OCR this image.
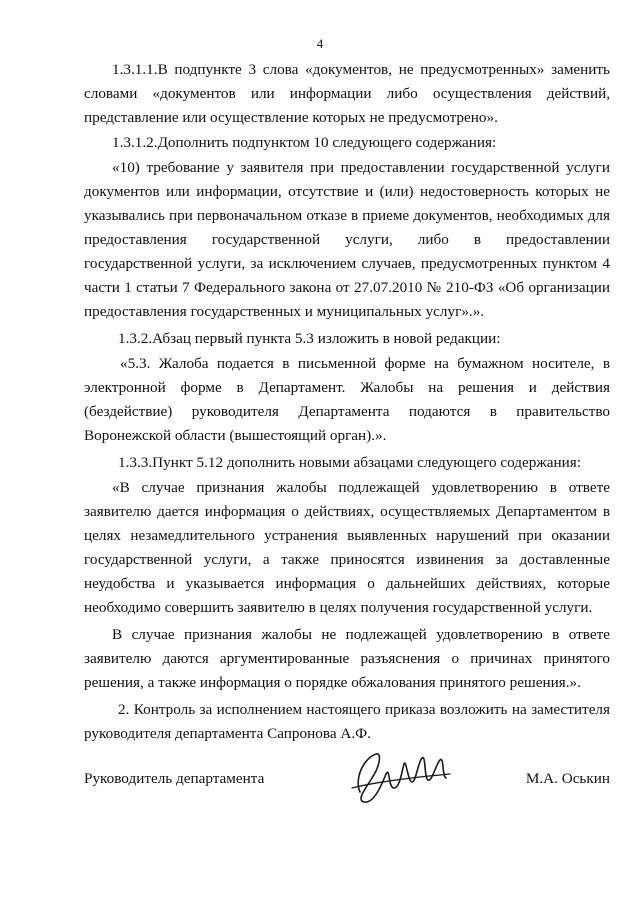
4

1.3.1.1.В подпункте 3 слова «документов, не предусмотренных» заменить словами «документов или информации либо осуществления действий, представление или осуществление которых не предусмотрено».

1.3.1.2.Дополнить подпунктом 10 следующего содержания:

«10) требование у заявителя при предоставлении государственной услуги документов или информации, отсутствие и (или) недостоверность которых не указывались при первоначальном отказе в приеме документов, необходимых для предоставления государственной услуги, либо в предоставлении государственной услуги, за исключением случаев, предусмотренных пунктом 4 части 1 статьи 7 Федерального закона от 27.07.2010 № 210-ФЗ «Об организации предоставления государственных и муниципальных услуг».».

1.3.2.Абзац первый пункта 5.3 изложить в новой редакции:

«5.3. Жалоба подается в письменной форме на бумажном носителе, в электронной форме в Департамент. Жалобы на решения и действия (бездействие) руководителя Департамента подаются в правительство Воронежской области (вышестоящий орган).».

1.3.3.Пункт 5.12 дополнить новыми абзацами следующего содержания:

«В случае признания жалобы подлежащей удовлетворению в ответе заявителю дается информация о действиях, осуществляемых Департаментом в целях незамедлительного устранения выявленных нарушений при оказании государственной услуги, а также приносятся извинения за доставленные неудобства и указывается информация о дальнейших действиях, которые необходимо совершить заявителю в целях получения государственной услуги.

В случае признания жалобы не подлежащей удовлетворению в ответе заявителю даются аргументированные разъяснения о причинах принятого решения, а также информация о порядке обжалования принятого решения.».

2. Контроль за исполнением настоящего приказа возложить на заместителя руководителя департамента Сапронова А.Ф.

Руководитель департамента	М.А. Оськин
